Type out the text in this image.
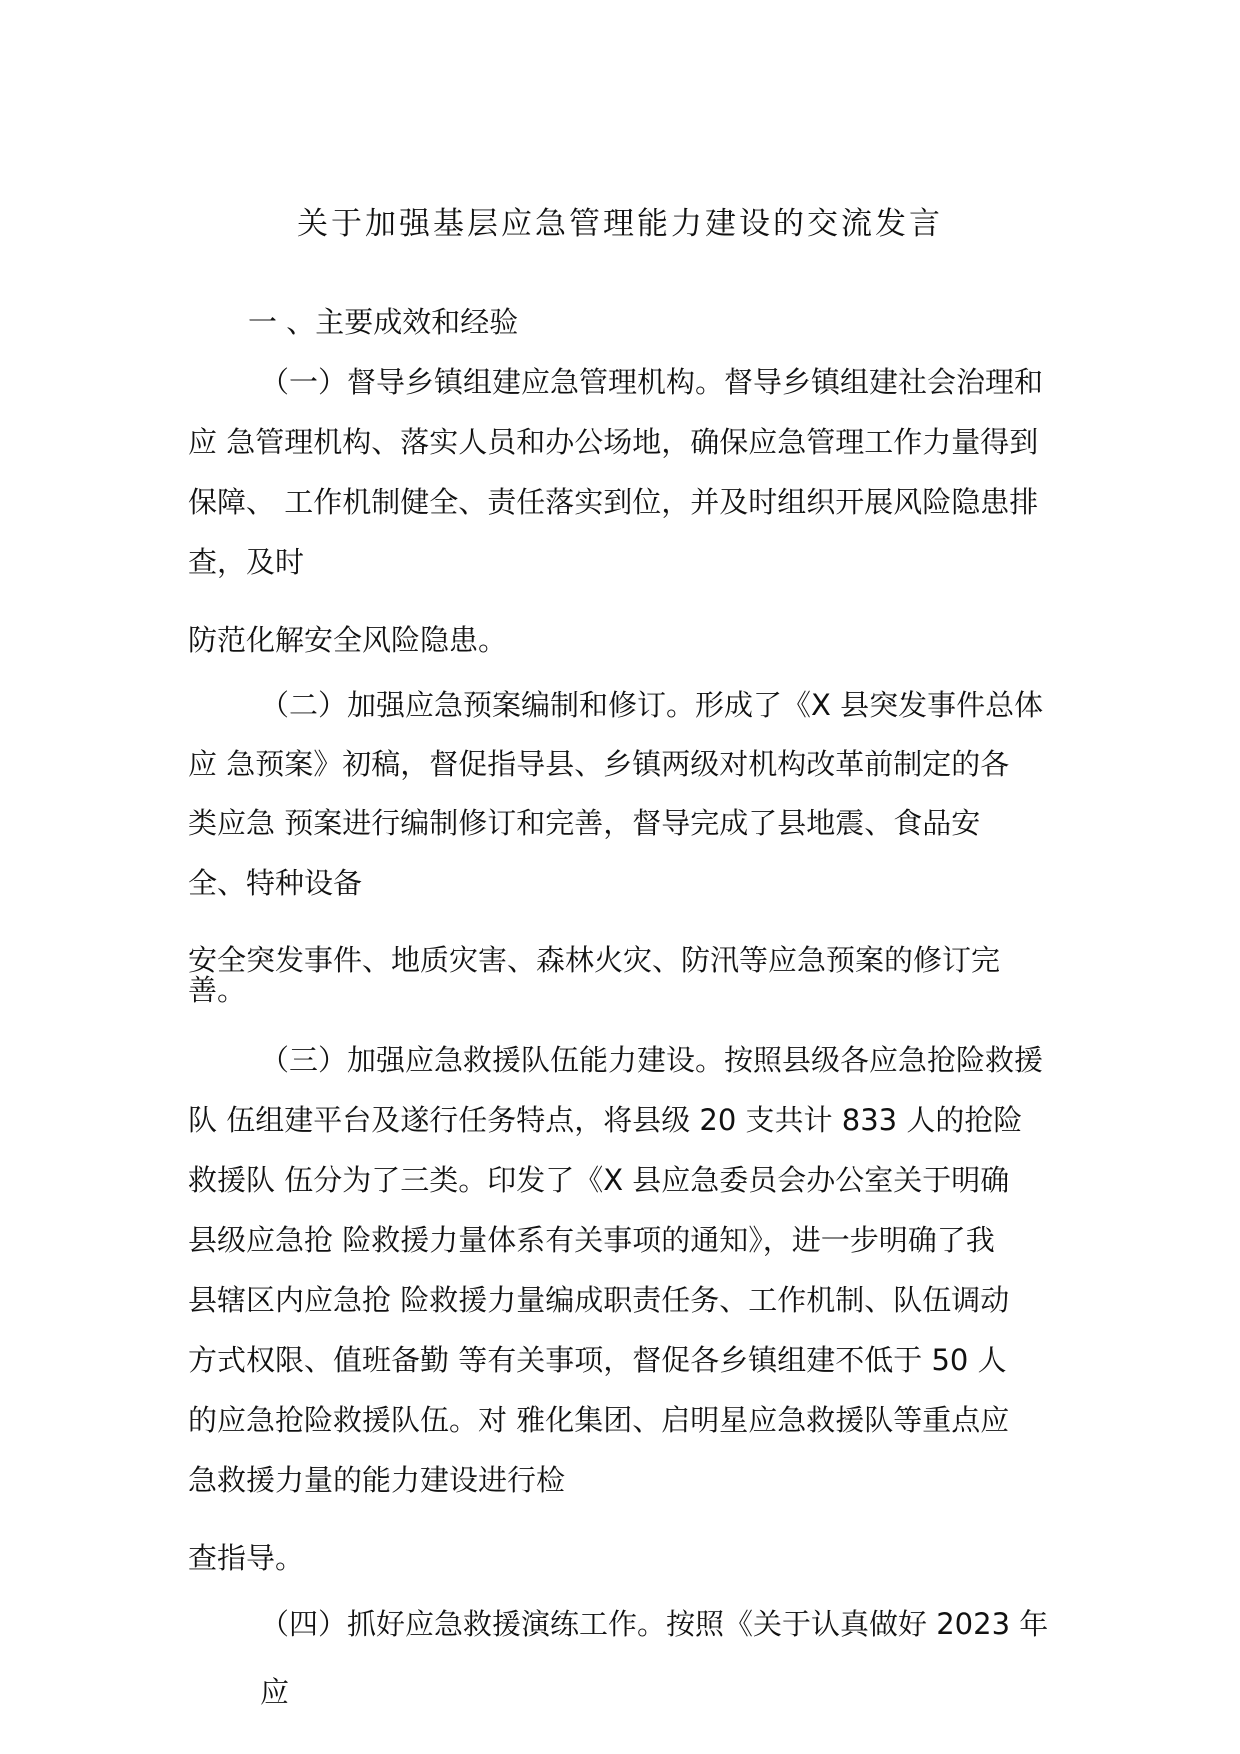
关于加强基层应急管理能力建设的交流发言
一 、主要成效和经验
（一）督导乡镇组建应急管理机构。督导乡镇组建社会治理和
应 急管理机构、落实人员和办公场地，确保应急管理工作力量得到
保障、 工作机制健全、责任落实到位，并及时组织开展风险隐患排
查，及时
防范化解安全风险隐患。
（二）加强应急预案编制和修订。形成了《X 县突发事件总体
应 急预案》初稿，督促指导县、乡镇两级对机构改革前制定的各
类应急 预案进行编制修订和完善，督导完成了县地震、食品安
全、特种设备
安全突发事件、地质灾害、森林火灾、防汛等应急预案的修订完
善。
（三）加强应急救援队伍能力建设。按照县级各应急抢险救援
队 伍组建平台及遂行任务特点，将县级 20 支共计 833 人的抢险
救援队 伍分为了三类。印发了《X 县应急委员会办公室关于明确
县级应急抢 险救援力量体系有关事项的通知》，进一步明确了我
县辖区内应急抢 险救援力量编成职责任务、工作机制、队伍调动
方式权限、值班备勤 等有关事项，督促各乡镇组建不低于 50 人
的应急抢险救援队伍。对 雅化集团、启明星应急救援队等重点应
急救援力量的能力建设进行检
查指导。
（四）抓好应急救援演练工作。按照《关于认真做好 2023 年
应
